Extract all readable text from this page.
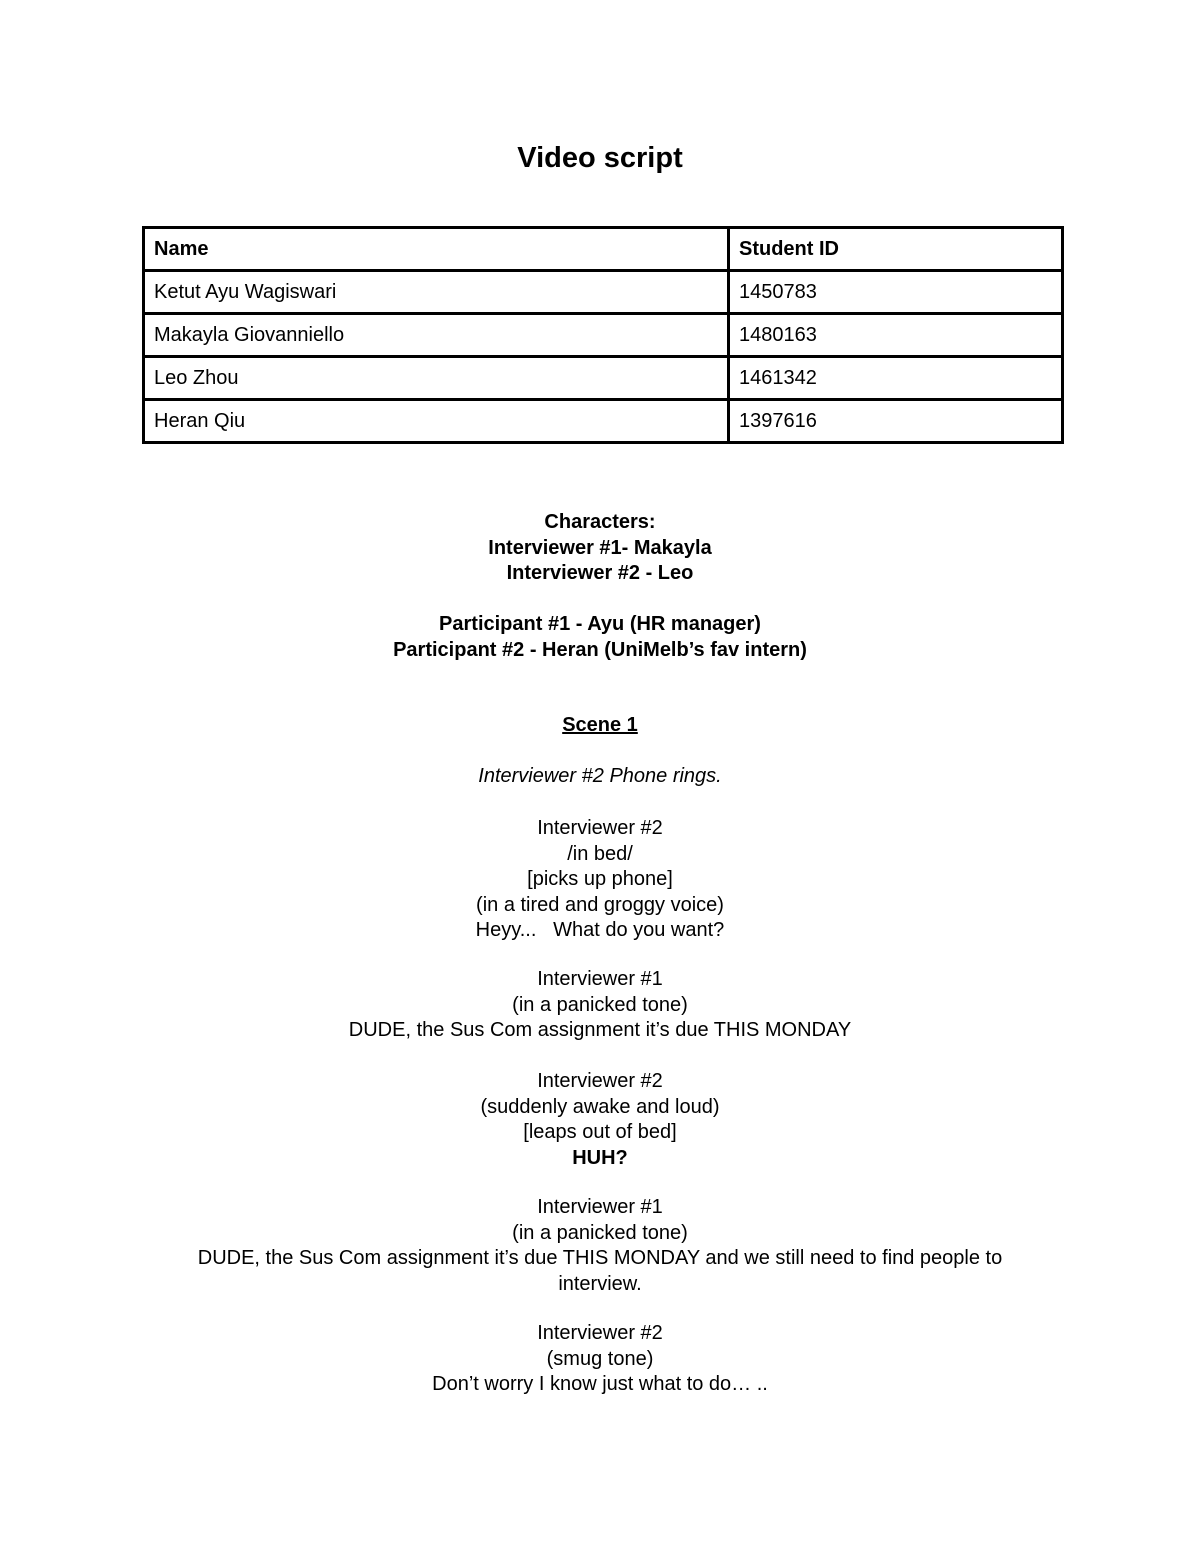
Video script
Name	Student ID
Ketut Ayu Wagiswari	1450783
Makayla Giovanniello	1480163
Leo Zhou	1461342
Heran Qiu	1397616
Characters:
Interviewer #1- Makayla
Interviewer #2 - Leo
Participant #1 - Ayu (HR manager)
Participant #2 - Heran (UniMelb’s fav intern)
Scene 1
Interviewer #2 Phone rings.
Interviewer #2
/in bed/
[picks up phone]
(in a tired and groggy voice)
Heyy...   What do you want?
Interviewer #1
(in a panicked tone)
DUDE, the Sus Com assignment it’s due THIS MONDAY
Interviewer #2
(suddenly awake and loud)
[leaps out of bed]
HUH?
Interviewer #1
(in a panicked tone)
DUDE, the Sus Com assignment it’s due THIS MONDAY and we still need to find people to
interview.
Interviewer #2
(smug tone)
Don’t worry I know just what to do… ..
